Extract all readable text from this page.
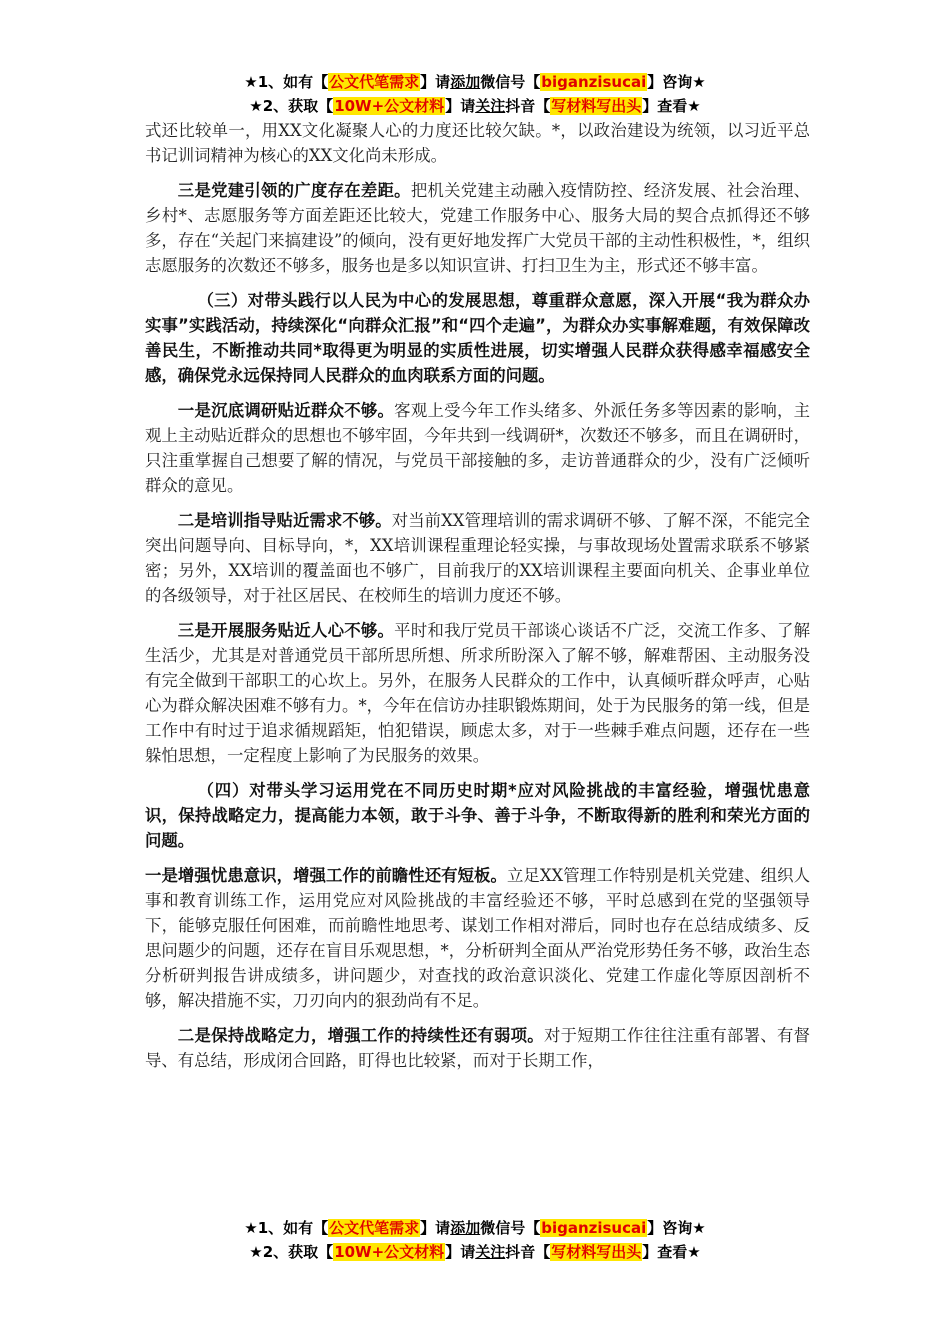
★1、如有【公文代笔需求】请添加微信号【biganzisucai】咨询★
★2、获取【10W+公文材料】请关注抖音【写材料写出头】查看★

式还比较单一，用XX文化凝聚人心的力度还比较欠缺。*，以政治建设为统领，以习近平总书记训词精神为核心的XX文化尚未形成。

三是党建引领的广度存在差距。把机关党建主动融入疫情防控、经济发展、社会治理、乡村*、志愿服务等方面差距还比较大，党建工作服务中心、服务大局的契合点抓得还不够多，存在“关起门来搞建设”的倾向，没有更好地发挥广大党员干部的主动性积极性，*，组织志愿服务的次数还不够多，服务也是多以知识宣讲、打扫卫生为主，形式还不够丰富。

（三）对带头践行以人民为中心的发展思想，尊重群众意愿，深入开展“我为群众办实事”实践活动，持续深化“向群众汇报”和“四个走遍”，为群众办实事解难题，有效保障改善民生，不断推动共同*取得更为明显的实质性进展，切实增强人民群众获得感幸福感安全感，确保党永远保持同人民群众的血肉联系方面的问题。

一是沉底调研贴近群众不够。客观上受今年工作头绪多、外派任务多等因素的影响，主观上主动贴近群众的思想也不够牢固，今年共到一线调研*，次数还不够多，而且在调研时，只注重掌握自己想要了解的情况，与党员干部接触的多，走访普通群众的少，没有广泛倾听群众的意见。

二是培训指导贴近需求不够。对当前XX管理培训的需求调研不够、了解不深，不能完全突出问题导向、目标导向，*，XX培训课程重理论轻实操，与事故现场处置需求联系不够紧密；另外，XX培训的覆盖面也不够广，目前我厅的XX培训课程主要面向机关、企事业单位的各级领导，对于社区居民、在校师生的培训力度还不够。

三是开展服务贴近人心不够。平时和我厅党员干部谈心谈话不广泛，交流工作多、了解生活少，尤其是对普通党员干部所思所想、所求所盼深入了解不够，解难帮困、主动服务没有完全做到干部职工的心坎上。另外，在服务人民群众的工作中，认真倾听群众呼声，心贴心为群众解决困难不够有力。*，今年在信访办挂职锻炼期间，处于为民服务的第一线，但是工作中有时过于追求循规蹈矩，怕犯错误，顾虑太多，对于一些棘手难点问题，还存在一些躲怕思想，一定程度上影响了为民服务的效果。

（四）对带头学习运用党在不同历史时期*应对风险挑战的丰富经验，增强忧患意识，保持战略定力，提高能力本领，敢于斗争、善于斗争，不断取得新的胜利和荣光方面的问题。

一是增强忧患意识，增强工作的前瞻性还有短板。立足XX管理工作特别是机关党建、组织人事和教育训练工作，运用党应对风险挑战的丰富经验还不够，平时总感到在党的坚强领导下，能够克服任何困难，而前瞻性地思考、谋划工作相对滞后，同时也存在总结成绩多、反思问题少的问题，还存在盲目乐观思想，*，分析研判全面从严治党形势任务不够，政治生态分析研判报告讲成绩多，讲问题少，对查找的政治意识淡化、党建工作虚化等原因剖析不够，解决措施不实，刀刃向内的狠劲尚有不足。

二是保持战略定力，增强工作的持续性还有弱项。对于短期工作往往注重有部署、有督导、有总结，形成闭合回路，盯得也比较紧，而对于长期工作，

★1、如有【公文代笔需求】请添加微信号【biganzisucai】咨询★
★2、获取【10W+公文材料】请关注抖音【写材料写出头】查看★
